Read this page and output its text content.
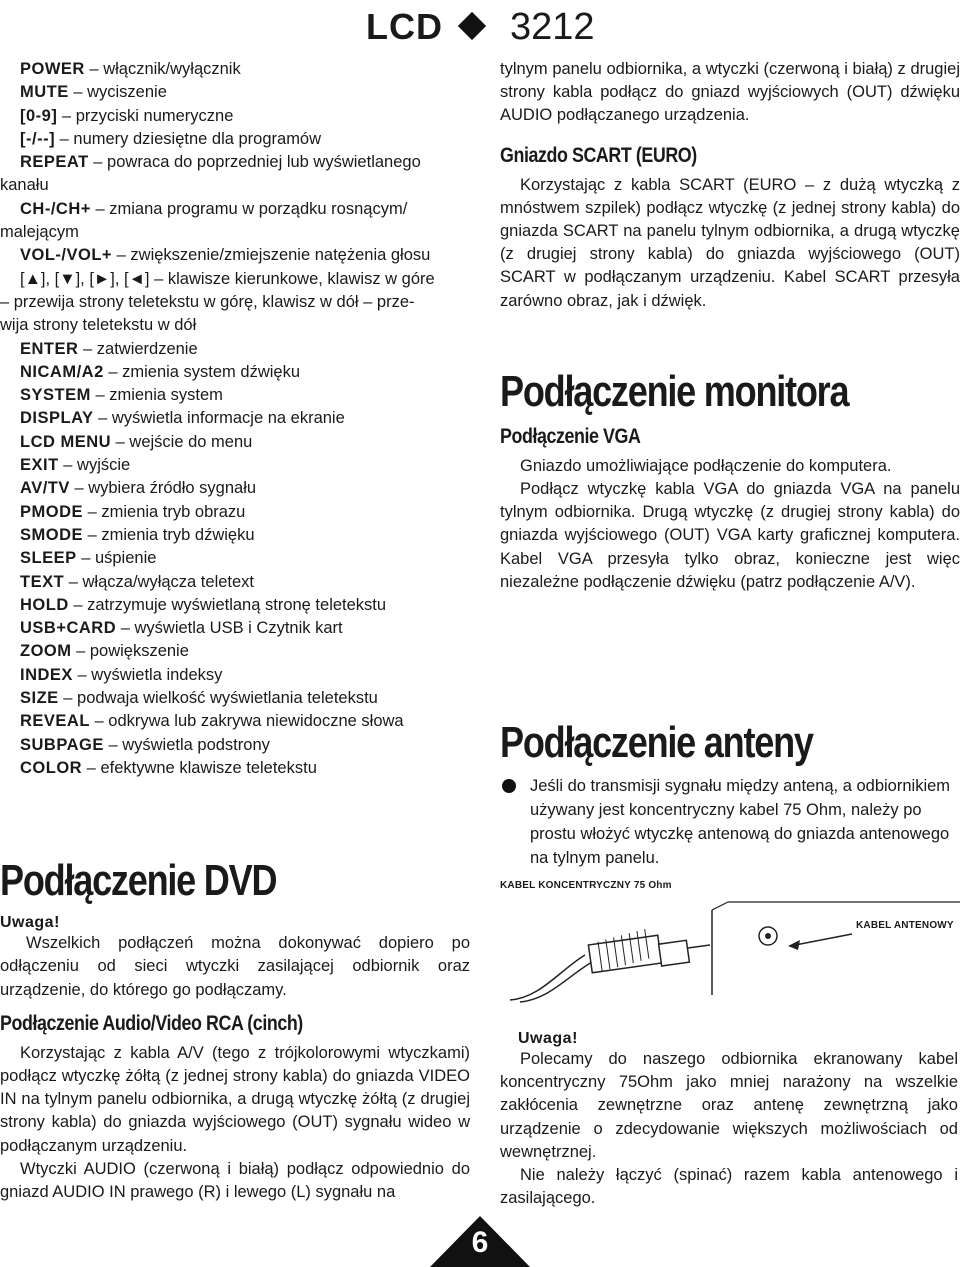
LCD 3212
POWER – włącznik/wyłącznik
MUTE – wyciszenie
[0-9] – przyciski numeryczne
[-/--] – numery dziesiętne dla programów
REPEAT – powraca do poprzedniej lub wyświetlanego
kanału
CH-/CH+ – zmiana programu w porządku rosnącym/
malejącym
VOL-/VOL+ – zwiększenie/zmiejszenie natężenia głosu
[▲], [▼], [►], [◄] – klawisze kierunkowe, klawisz w góre
– przewija strony teletekstu w górę, klawisz w dół – prze-
wija strony teletekstu w dół
ENTER – zatwierdzenie
NICAM/A2 – zmienia system dźwięku
SYSTEM – zmienia system
DISPLAY – wyświetla informacje na ekranie
LCD MENU – wejście do menu
EXIT – wyjście
AV/TV – wybiera źródło sygnału
PMODE – zmienia tryb obrazu
SMODE – zmienia tryb dźwięku
SLEEP – uśpienie
TEXT – włącza/wyłącza teletext
HOLD – zatrzymuje wyświetlaną stronę teletekstu
USB+CARD – wyświetla USB i Czytnik kart
ZOOM – powiększenie
INDEX – wyświetla indeksy
SIZE – podwaja wielkość wyświetlania teletekstu
REVEAL – odkrywa lub zakrywa niewidoczne słowa
SUBPAGE – wyświetla podstrony
COLOR – efektywne klawisze teletekstu
Podłączenie DVD
Uwaga!
Wszelkich podłączeń można dokonywać dopiero po odłączeniu od sieci wtyczki zasilającej odbiornik oraz urządzenie, do którego go podłączamy.
Podłączenie Audio/Video RCA (cinch)
Korzystając z kabla A/V (tego z trójkolorowymi wtyczkami) podłącz wtyczkę żółtą (z jednej strony kabla) do gniazda VIDEO IN na tylnym panelu odbiornika, a drugą wtyczkę żółtą (z drugiej strony kabla) do gniazda wyjściowego (OUT) sygnału wideo w podłączanym urządzeniu.
Wtyczki AUDIO (czerwoną i białą) podłącz odpowiednio do gniazd AUDIO IN prawego (R) i lewego (L) sygnału na
tylnym panelu odbiornika, a wtyczki (czerwoną i białą) z drugiej strony kabla podłącz do gniazd wyjściowych (OUT) dźwięku AUDIO podłączanego urządzenia.
Gniazdo SCART (EURO)
Korzystając z kabla SCART (EURO – z dużą wtyczką z mnóstwem szpilek) podłącz wtyczkę (z jednej strony kabla) do gniazda SCART na panelu tylnym odbiornika, a drugą wtyczkę (z drugiej strony kabla) do gniazda wyjściowego (OUT) SCART w podłączanym urządzeniu. Kabel SCART przesyła zarówno obraz, jak i dźwięk.
Podłączenie monitora
Podłączenie VGA
Gniazdo umożliwiające podłączenie do komputera.
Podłącz wtyczkę kabla VGA do gniazda VGA na panelu tylnym odbiornika. Drugą wtyczkę (z drugiej strony kabla) do gniazda wyjściowego (OUT) VGA karty graficznej komputera. Kabel VGA przesyła tylko obraz, konieczne jest więc niezależne podłączenie dźwięku (patrz podłączenie A/V).
Podłączenie anteny
Jeśli do transmisji sygnału między anteną, a odbiornikiem używany jest koncentryczny kabel 75 Ohm, należy po prostu włożyć wtyczkę antenową do gniazda antenowego na tylnym panelu.
KABEL KONCENTRYCZNY 75 Ohm
KABEL ANTENOWY
Uwaga!
Polecamy do naszego odbiornika ekranowany kabel koncentryczny 75Ohm jako mniej narażony na wszelkie zakłócenia zewnętrzne oraz antenę zewnętrzną jako urządzenie o zdecydowanie większych możliwościach od wewnętrznej.
Nie należy łączyć (spinać) razem kabla antenowego i zasilającego.
6
